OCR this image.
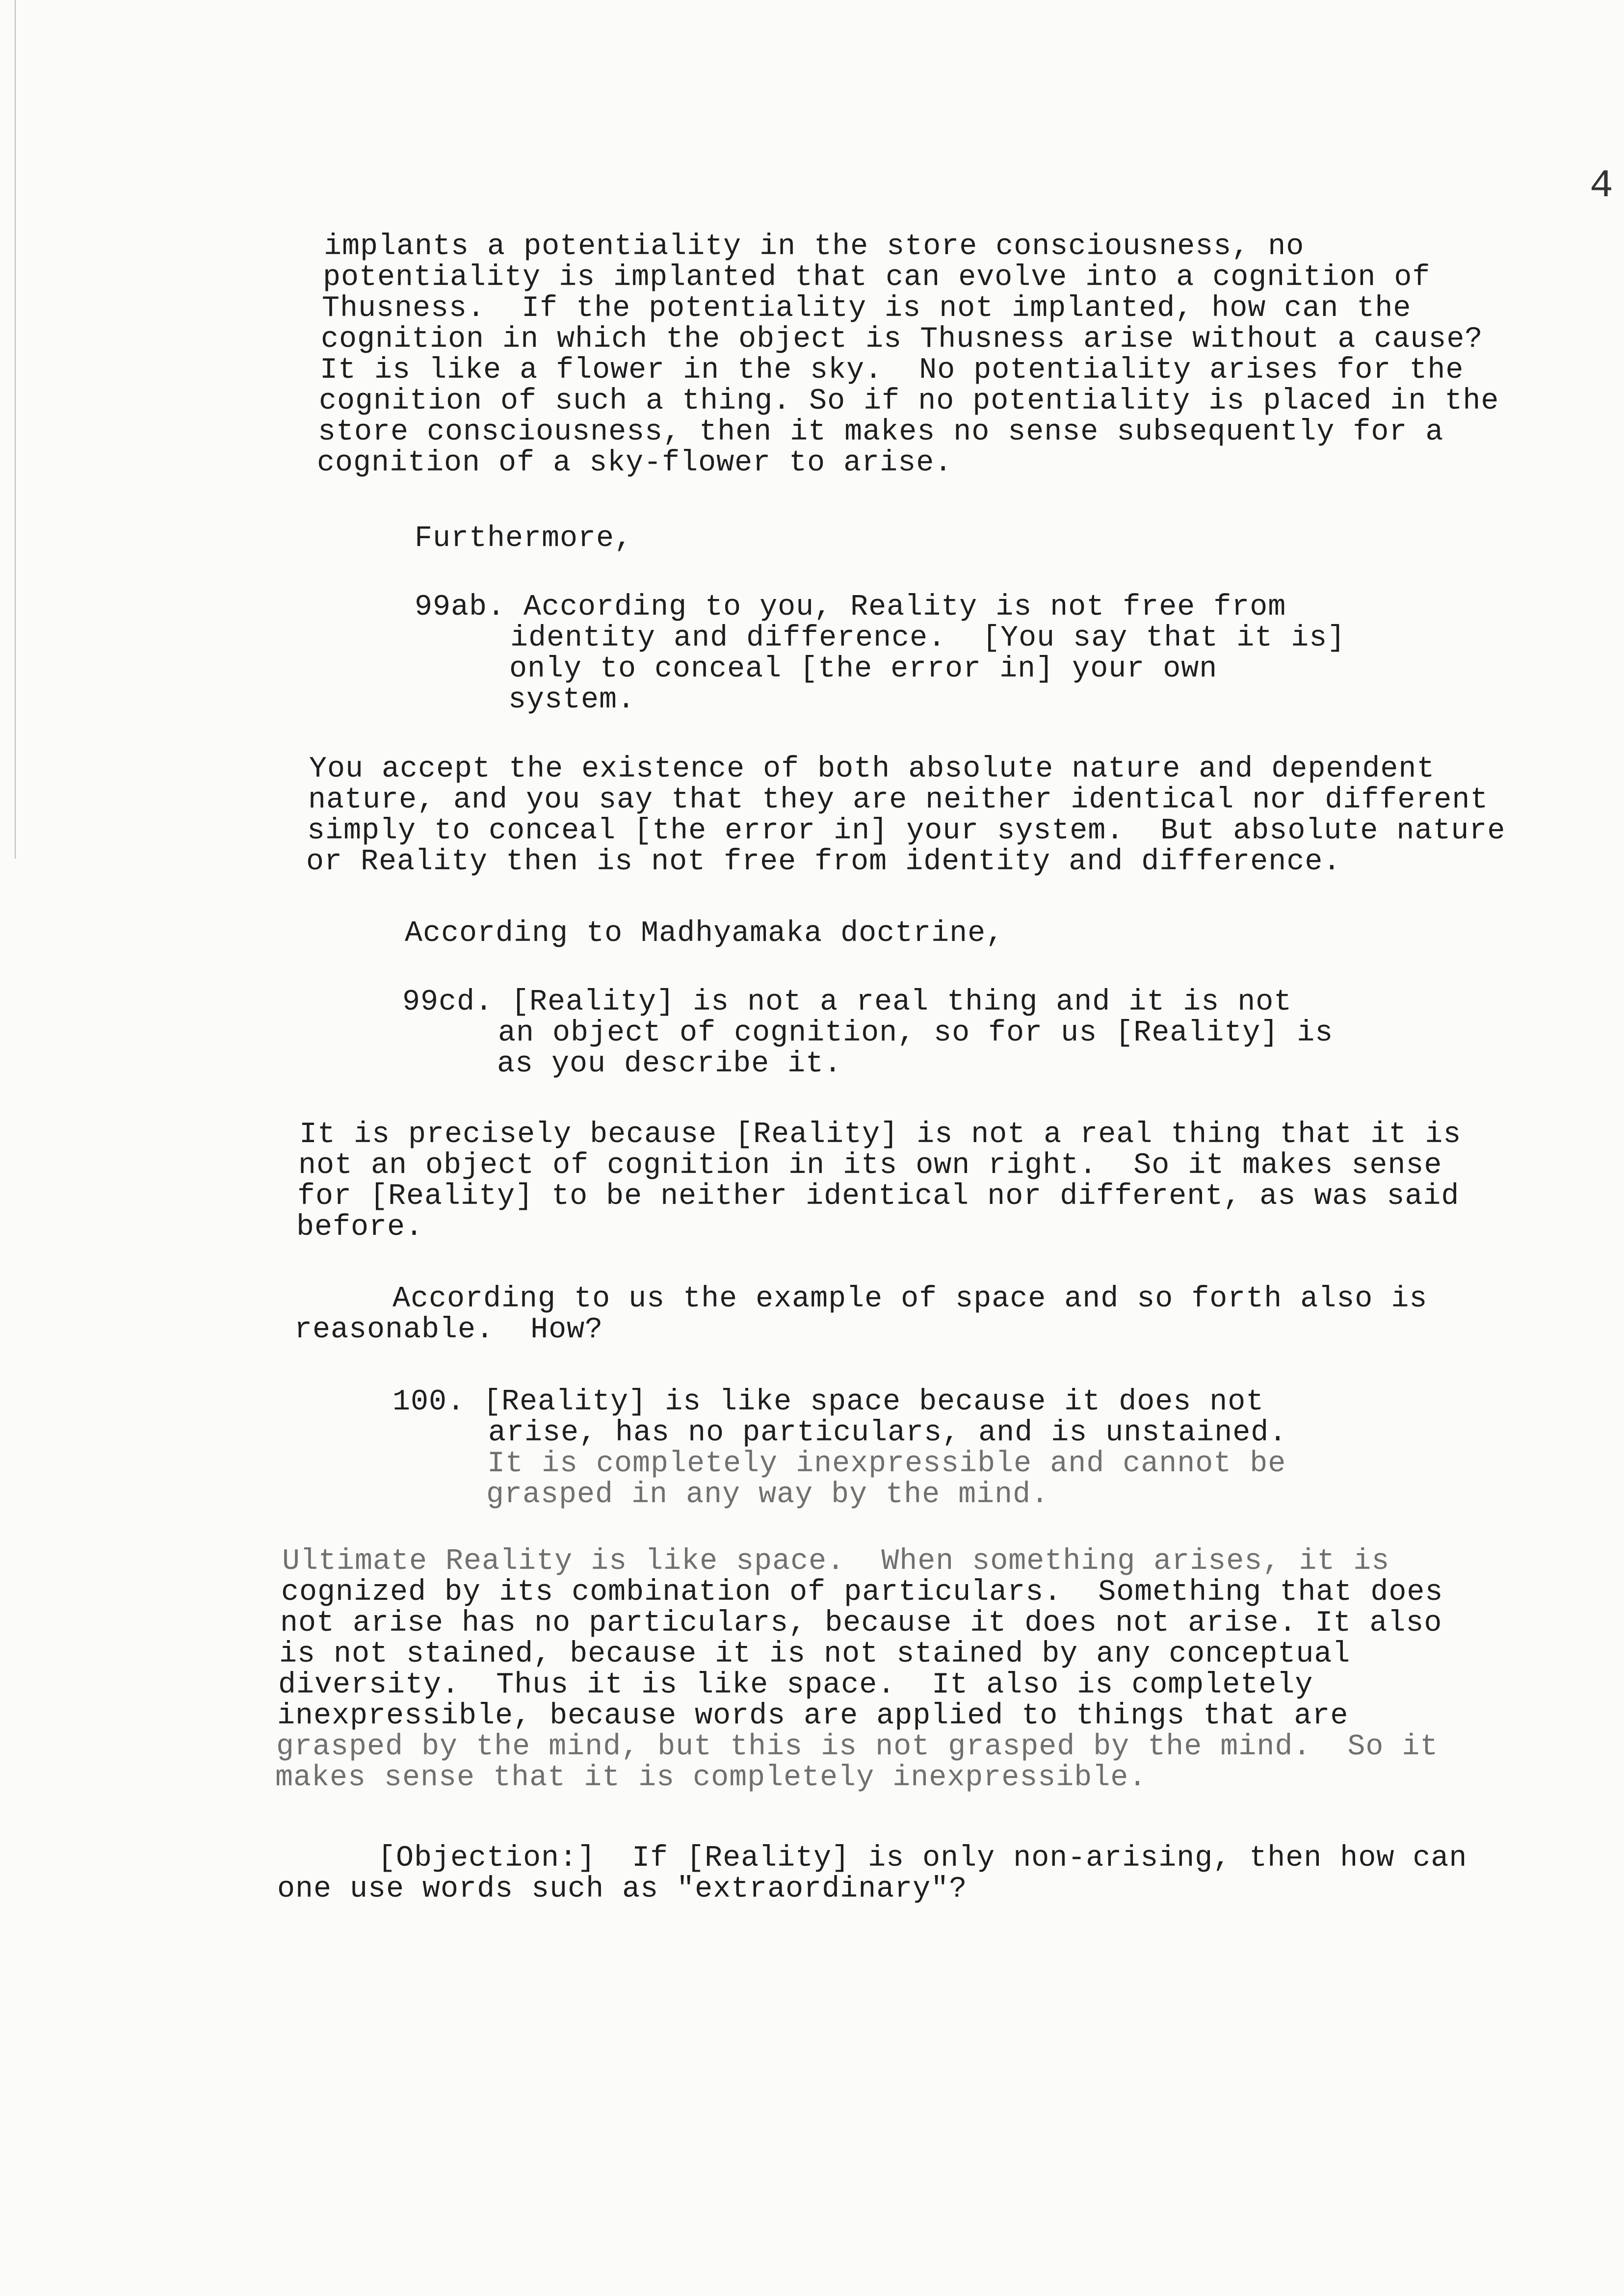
4
implants a potentiality in the store consciousness, no
potentiality is implanted that can evolve into a cognition of
Thusness.  If the potentiality is not implanted, how can the
cognition in which the object is Thusness arise without a cause?
It is like a flower in the sky.  No potentiality arises for the
cognition of such a thing. So if no potentiality is placed in the
store consciousness, then it makes no sense subsequently for a
cognition of a sky-flower to arise.
Furthermore,
99ab. According to you, Reality is not free from
identity and difference.  [You say that it is]
only to conceal [the error in] your own
system.
You accept the existence of both absolute nature and dependent
nature, and you say that they are neither identical nor different
simply to conceal [the error in] your system.  But absolute nature
or Reality then is not free from identity and difference.
According to Madhyamaka doctrine,
99cd. [Reality] is not a real thing and it is not
an object of cognition, so for us [Reality] is
as you describe it.
It is precisely because [Reality] is not a real thing that it is
not an object of cognition in its own right.  So it makes sense
for [Reality] to be neither identical nor different, as was said
before.
According to us the example of space and so forth also is
reasonable.  How?
100. [Reality] is like space because it does not
arise, has no particulars, and is unstained.
It is completely inexpressible and cannot be
grasped in any way by the mind.
Ultimate Reality is like space.  When something arises, it is
cognized by its combination of particulars.  Something that does
not arise has no particulars, because it does not arise. It also
is not stained, because it is not stained by any conceptual
diversity.  Thus it is like space.  It also is completely
inexpressible, because words are applied to things that are
grasped by the mind, but this is not grasped by the mind.  So it
makes sense that it is completely inexpressible.
[Objection:]  If [Reality] is only non-arising, then how can
one use words such as "extraordinary"?
